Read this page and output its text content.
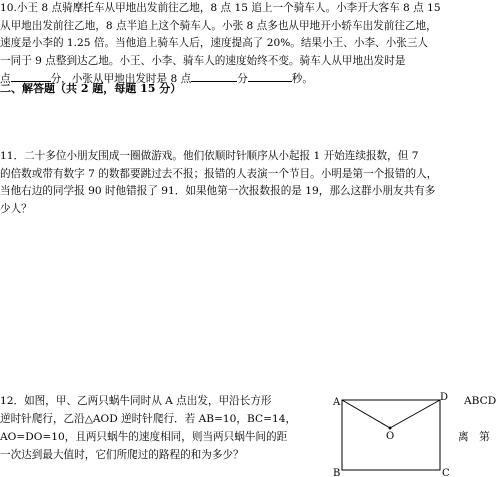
10.小王 8 点骑摩托车从甲地出发前往乙地，8 点 15 追上一个骑车人。小李开大客车 8 点 15

从甲地出发前往乙地，8 点半追上这个骑车人。小张 8 点多也从甲地开小轿车出发前往乙地，

速度是小李的 1.25 倍。当他追上骑车人后，速度提高了 20%。结果小王、小李、小张三人

一同于 9 点整到达乙地。小王、小李、骑车人的速度始终不变。骑车人从甲地出发时是

点	分，小张从甲地出发时是 8 点	分	秒。

二、解答题（共 2 题，每题 15 分）

11．二十多位小朋友围成一圈做游戏。他们依顺时针顺序从小起报 1 开始连续报数，但 7

的倍数或带有数字 7 的数都要跳过去不报；报错的人表演一个节目。小明是第一个报错的人，

当他右边的同学报 90 时他错报了 91．如果他第一次报数报的是 19，那么这群小朋友共有多

少人？

12．如图，甲、乙两只蜗牛同时从 A 点出发，甲沿长方形

逆时针爬行，乙沿△AOD 逆时针爬行．若 AB=10，BC=14，

AO=DO=10，且两只蜗牛的速度相同，则当两只蜗牛间的距

一次达到最大值时，它们所爬过的路程的和为多少？

ABCD
离　第
A
B	C
D
O
